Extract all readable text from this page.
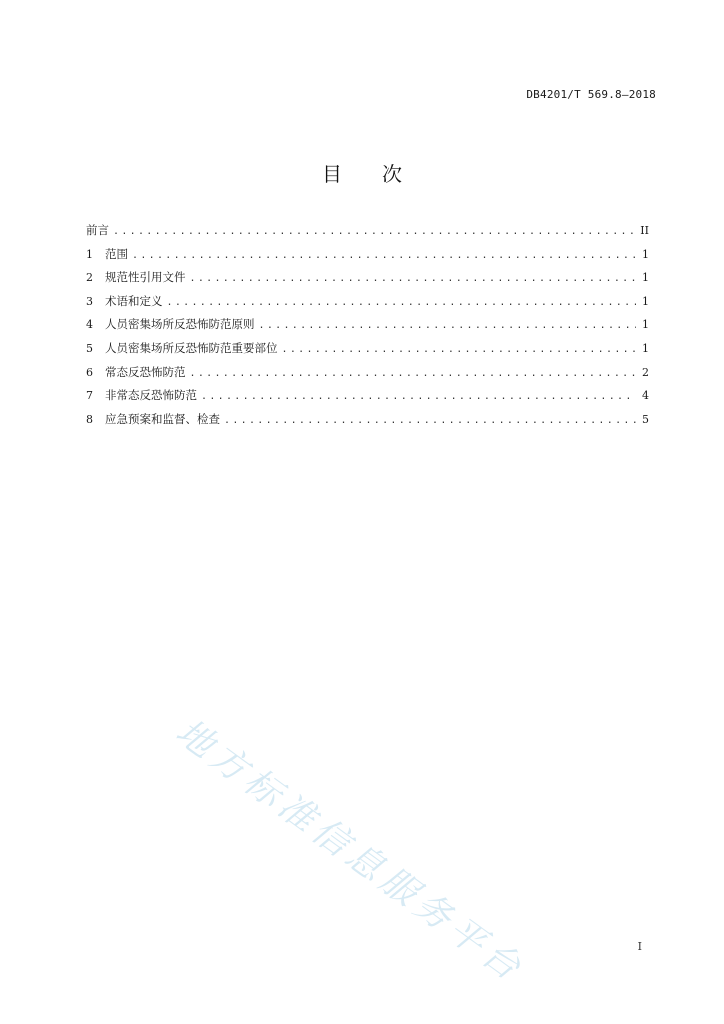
DB4201/T 569.8—2018
目 次
前言 .....	II
1	范围 .....	1
2	规范性引用文件 .....	1
3	术语和定义 .....	1
4	人员密集场所反恐怖防范原则 .....	1
5	人员密集场所反恐怖防范重要部位 .....	1
6	常态反恐怖防范 .....	2
7	非常态反恐怖防范 .....	4
8	应急预案和监督、检查 .....	5
地方标准信息服务平台	I
